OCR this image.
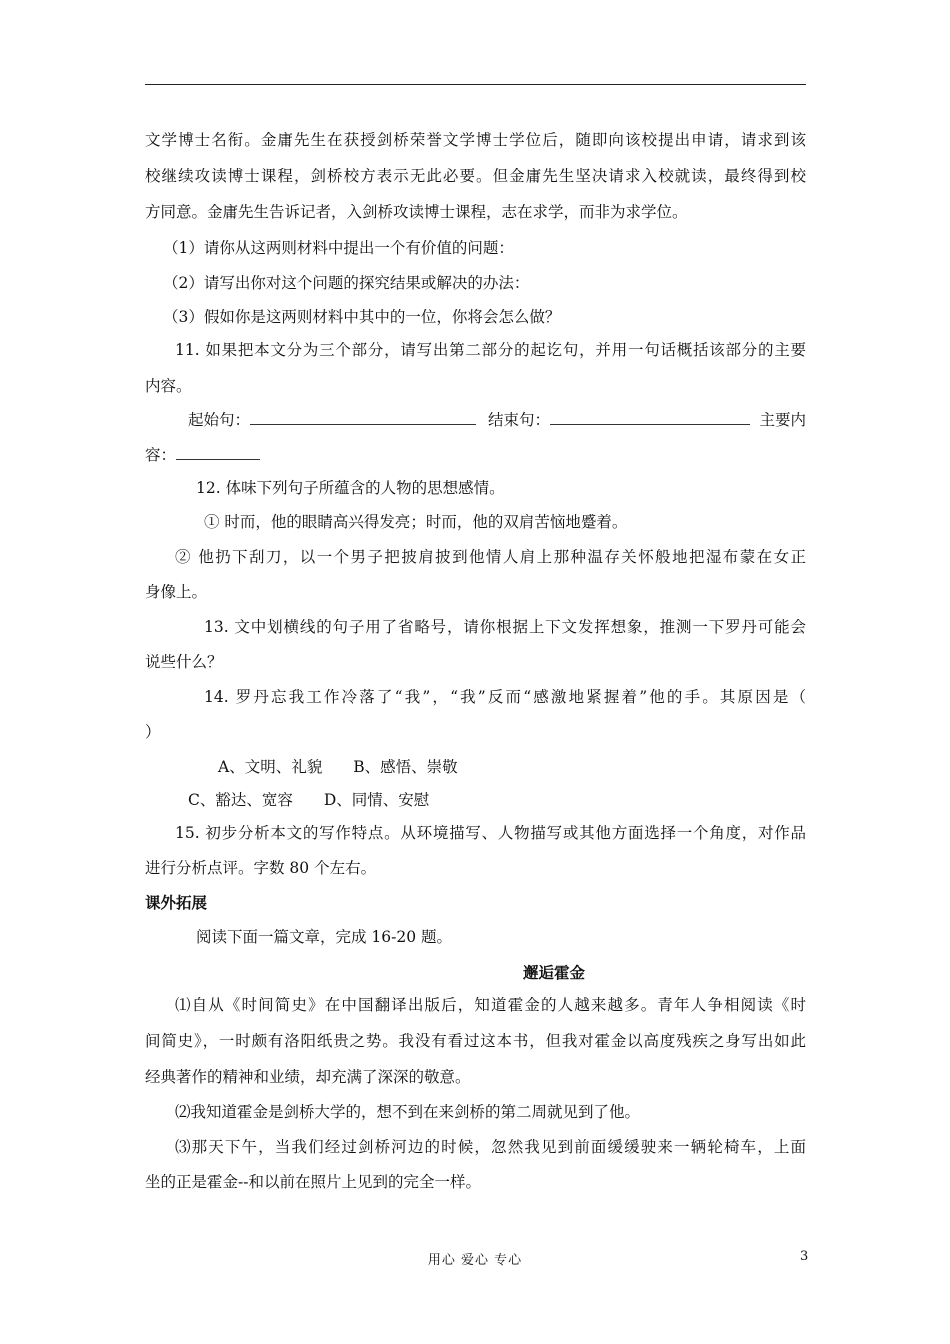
文学博士名衔。金庸先生在获授剑桥荣誉文学博士学位后，随即向该校提出申请，请求到该
校继续攻读博士课程，剑桥校方表示无此必要。但金庸先生坚决请求入校就读，最终得到校
方同意。金庸先生告诉记者，入剑桥攻读博士课程，志在求学，而非为求学位。
（1）请你从这两则材料中提出一个有价值的问题：
（2）请写出你对这个问题的探究结果或解决的办法：
（3）假如你是这两则材料中其中的一位，你将会怎么做？
11. 如果把本文分为三个部分，请写出第二部分的起讫句，并用一句话概括该部分的主要
内容。
起始句：	结束句：	主要内
容：
12. 体味下列句子所蕴含的人物的思想感情。
① 时而，他的眼睛高兴得发亮；时而，他的双肩苦恼地蹙着。
② 他扔下刮刀，以一个男子把披肩披到他情人肩上那种温存关怀般地把湿布蒙在女正
身像上。
13. 文中划横线的句子用了省略号，请你根据上下文发挥想象，推测一下罗丹可能会
说些什么？
14. 罗丹忘我工作冷落了“我”，“我”反而“感激地紧握着”他的手。其原因是（
）
A、文明、礼貌　　B、感悟、崇敬
C、豁达、宽容　　D、同情、安慰
15. 初步分析本文的写作特点。从环境描写、人物描写或其他方面选择一个角度，对作品
进行分析点评。字数 80 个左右。
课外拓展
阅读下面一篇文章，完成 16-20 题。
邂逅霍金
⑴自从《时间简史》在中国翻译出版后，知道霍金的人越来越多。青年人争相阅读《时
间简史》，一时颇有洛阳纸贵之势。我没有看过这本书，但我对霍金以高度残疾之身写出如此
经典著作的精神和业绩，却充满了深深的敬意。
⑵我知道霍金是剑桥大学的，想不到在来剑桥的第二周就见到了他。
⑶那天下午，当我们经过剑桥河边的时候，忽然我见到前面缓缓驶来一辆轮椅车，上面
坐的正是霍金--和以前在照片上见到的完全一样。
用心 爱心 专心	3
